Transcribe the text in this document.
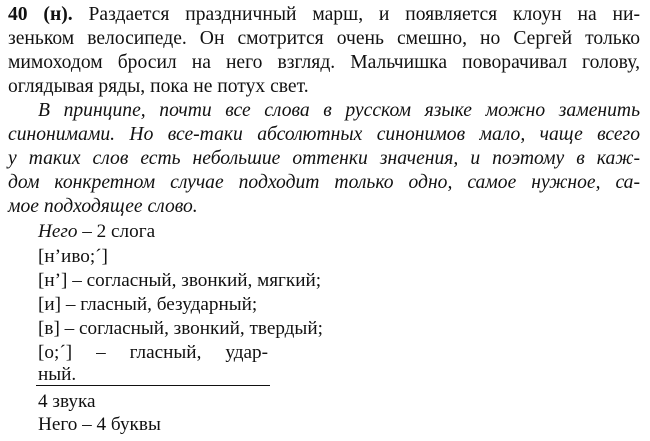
40 (н). Раздается праздничный марш, и появляется клоун на ни-
зеньком велосипеде. Он смотрится очень смешно, но Сергей только
мимоходом бросил на него взгляд. Мальчишка поворачивал голову,
оглядывая ряды, пока не потух свет.
В принципе, почти все слова в русском языке можно заменить
синонимами. Но все-таки абсолютных синонимов мало, чаще всего
у таких слов есть небольшие оттенки значения, и поэтому в каж-
дом конкретном случае подходит только одно, самое нужное, са-
мое подходящее слово.
Него – 2 слога
[н’иво;´]
[н’] – согласный, звонкий, мягкий;
[и] – гласный, безударный;
[в] – согласный, звонкий, твердый;
[о;´] – гласный, удар-
ный.
4 звука
Него – 4 буквы
